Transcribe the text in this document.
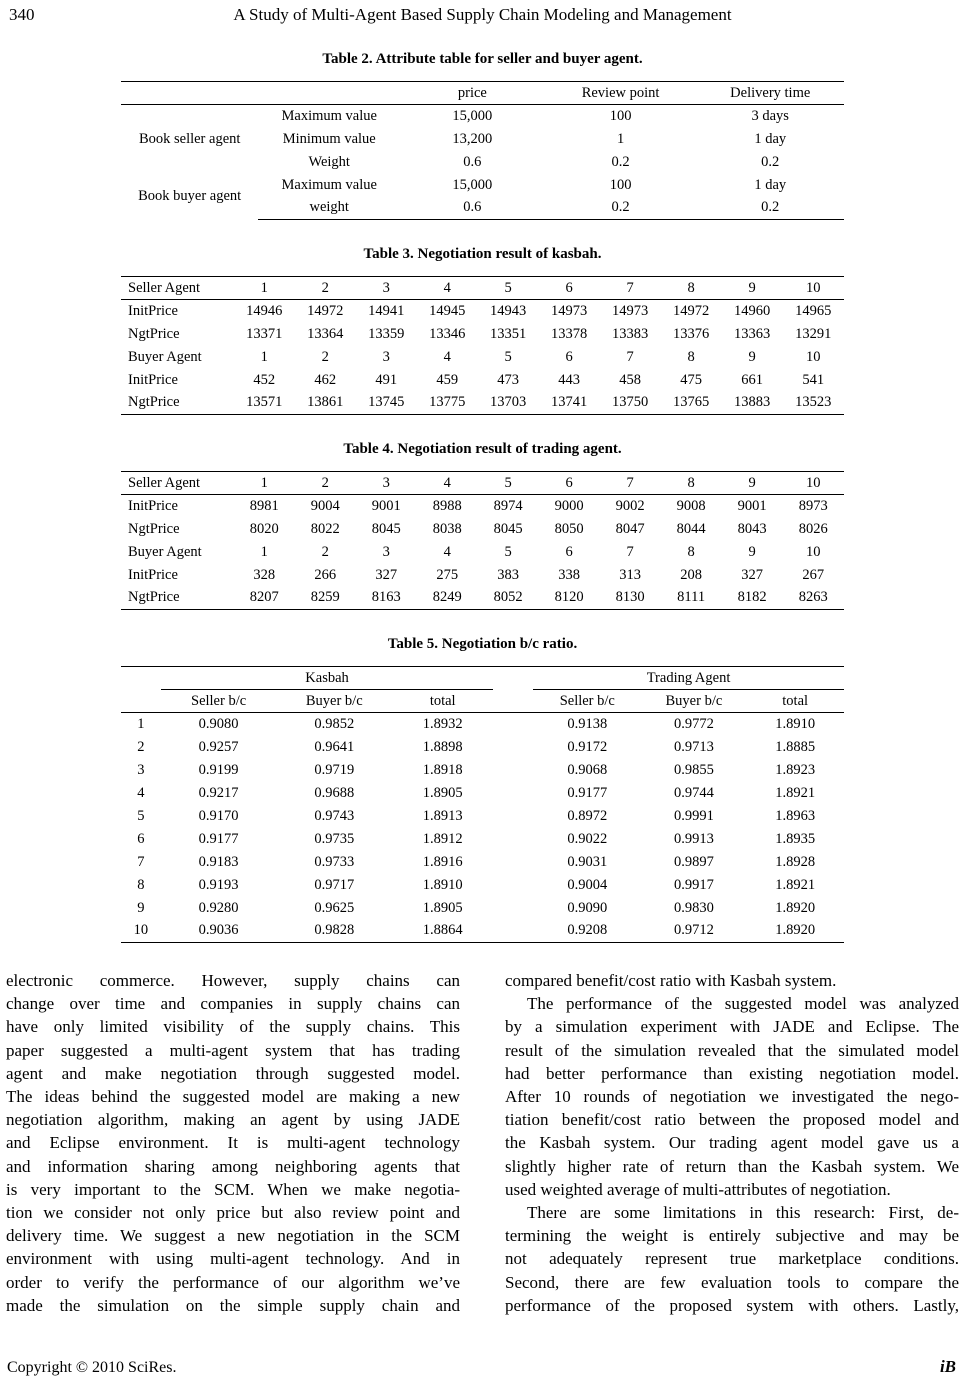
340	A Study of Multi-Agent Based Supply Chain Modeling and Management
Table 2. Attribute table for seller and buyer agent.
		price	Review point	Delivery time
Book seller agent	Maximum value	15,000	100	3 days
	Minimum value	13,200	1	1 day
	Weight	0.6	0.2	0.2
Book buyer agent	Maximum value	15,000	100	1 day
	weight	0.6	0.2	0.2
Table 3. Negotiation result of kasbah.
Seller Agent	1	2	3	4	5	6	7	8	9	10
InitPrice	14946	14972	14941	14945	14943	14973	14973	14972	14960	14965
NgtPrice	13371	13364	13359	13346	13351	13378	13383	13376	13363	13291
Buyer Agent	1	2	3	4	5	6	7	8	9	10
InitPrice	452	462	491	459	473	443	458	475	661	541
NgtPrice	13571	13861	13745	13775	13703	13741	13750	13765	13883	13523
Table 4. Negotiation result of trading agent.
Seller Agent	1	2	3	4	5	6	7	8	9	10
InitPrice	8981	9004	9001	8988	8974	9000	9002	9008	9001	8973
NgtPrice	8020	8022	8045	8038	8045	8050	8047	8044	8043	8026
Buyer Agent	1	2	3	4	5	6	7	8	9	10
InitPrice	328	266	327	275	383	338	313	208	327	267
NgtPrice	8207	8259	8163	8249	8052	8120	8130	8111	8182	8263
Table 5. Negotiation b/c ratio.
	Kasbah				Trading Agent		
	Seller b/c	Buyer b/c	total		Seller b/c	Buyer b/c	total
1	0.9080	0.9852	1.8932		0.9138	0.9772	1.8910
2	0.9257	0.9641	1.8898		0.9172	0.9713	1.8885
3	0.9199	0.9719	1.8918		0.9068	0.9855	1.8923
4	0.9217	0.9688	1.8905		0.9177	0.9744	1.8921
5	0.9170	0.9743	1.8913		0.8972	0.9991	1.8963
6	0.9177	0.9735	1.8912		0.9022	0.9913	1.8935
7	0.9183	0.9733	1.8916		0.9031	0.9897	1.8928
8	0.9193	0.9717	1.8910		0.9004	0.9917	1.8921
9	0.9280	0.9625	1.8905		0.9090	0.9830	1.8920
10	0.9036	0.9828	1.8864		0.9208	0.9712	1.8920
electronic commerce. However, supply chains can
change over time and companies in supply chains can
have only limited visibility of the supply chains. This
paper suggested a multi-agent system that has trading
agent and make negotiation through suggested model.
The ideas behind the suggested model are making a new
negotiation algorithm, making an agent by using JADE
and Eclipse environment. It is multi-agent technology
and information sharing among neighboring agents that
is very important to the SCM. When we make negotia-
tion we consider not only price but also review point and
delivery time. We suggest a new negotiation in the SCM
environment with using multi-agent technology. And in
order to verify the performance of our algorithm we’ve
made the simulation on the simple supply chain and
compared benefit/cost ratio with Kasbah system.
The performance of the suggested model was analyzed
by a simulation experiment with JADE and Eclipse. The
result of the simulation revealed that the simulated model
had better performance than existing negotiation model.
After 10 rounds of negotiation we investigated the nego-
tiation benefit/cost ratio between the proposed model and
the Kasbah system. Our trading agent model gave us a
slightly higher rate of return than the Kasbah system. We
used weighted average of multi-attributes of negotiation.
There are some limitations in this research: First, de-
termining the weight is entirely subjective and may be
not adequately represent true marketplace conditions.
Second, there are few evaluation tools to compare the
performance of the proposed system with others. Lastly,
Copyright © 2010 SciRes.	iB
